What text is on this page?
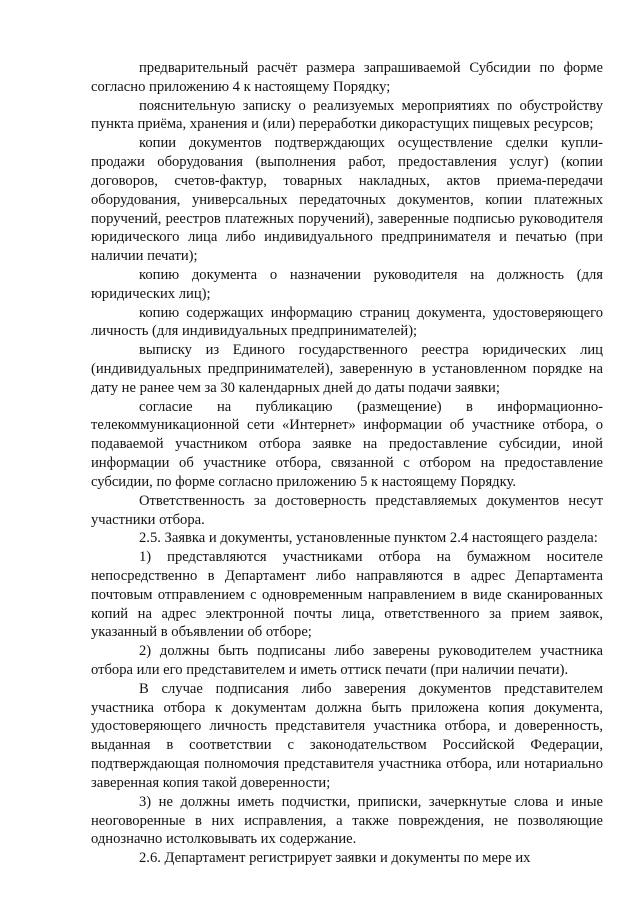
предварительный расчёт размера запрашиваемой Субсидии по форме согласно приложению 4 к настоящему Порядку;

пояснительную записку о реализуемых мероприятиях по обустройству пункта приёма, хранения и (или) переработки дикорастущих пищевых ресурсов;

копии документов подтверждающих осуществление сделки купли-продажи оборудования (выполнения работ, предоставления услуг) (копии договоров, счетов-фактур, товарных накладных, актов приема-передачи оборудования, универсальных передаточных документов, копии платежных поручений, реестров платежных поручений), заверенные подписью руководителя юридического лица либо индивидуального предпринимателя и печатью (при наличии печати);

копию документа о назначении руководителя на должность (для юридических лиц);

копию содержащих информацию страниц документа, удостоверяющего личность (для индивидуальных предпринимателей);

выписку из Единого государственного реестра юридических лиц (индивидуальных предпринимателей), заверенную в установленном порядке на дату не ранее чем за 30 календарных дней до даты подачи заявки;

согласие на публикацию (размещение) в информационно-телекоммуникационной сети «Интернет» информации об участнике отбора, о подаваемой участником отбора заявке на предоставление субсидии, иной информации об участнике отбора, связанной с отбором на предоставление субсидии, по форме согласно приложению 5 к настоящему Порядку.

Ответственность за достоверность представляемых документов несут участники отбора.

2.5. Заявка и документы, установленные пунктом 2.4 настоящего раздела:

1) представляются участниками отбора на бумажном носителе непосредственно в Департамент либо направляются в адрес Департамента почтовым отправлением с одновременным направлением в виде сканированных копий на адрес электронной почты лица, ответственного за прием заявок, указанный в объявлении об отборе;

2) должны быть подписаны либо заверены руководителем участника отбора или его представителем и иметь оттиск печати (при наличии печати).

В случае подписания либо заверения документов представителем участника отбора к документам должна быть приложена копия документа, удостоверяющего личность представителя участника отбора, и доверенность, выданная в соответствии с законодательством Российской Федерации, подтверждающая полномочия представителя участника отбора, или нотариально заверенная копия такой доверенности;

3) не должны иметь подчистки, приписки, зачеркнутые слова и иные неоговоренные в них исправления, а также повреждения, не позволяющие однозначно истолковывать их содержание.

2.6. Департамент регистрирует заявки и документы по мере их
